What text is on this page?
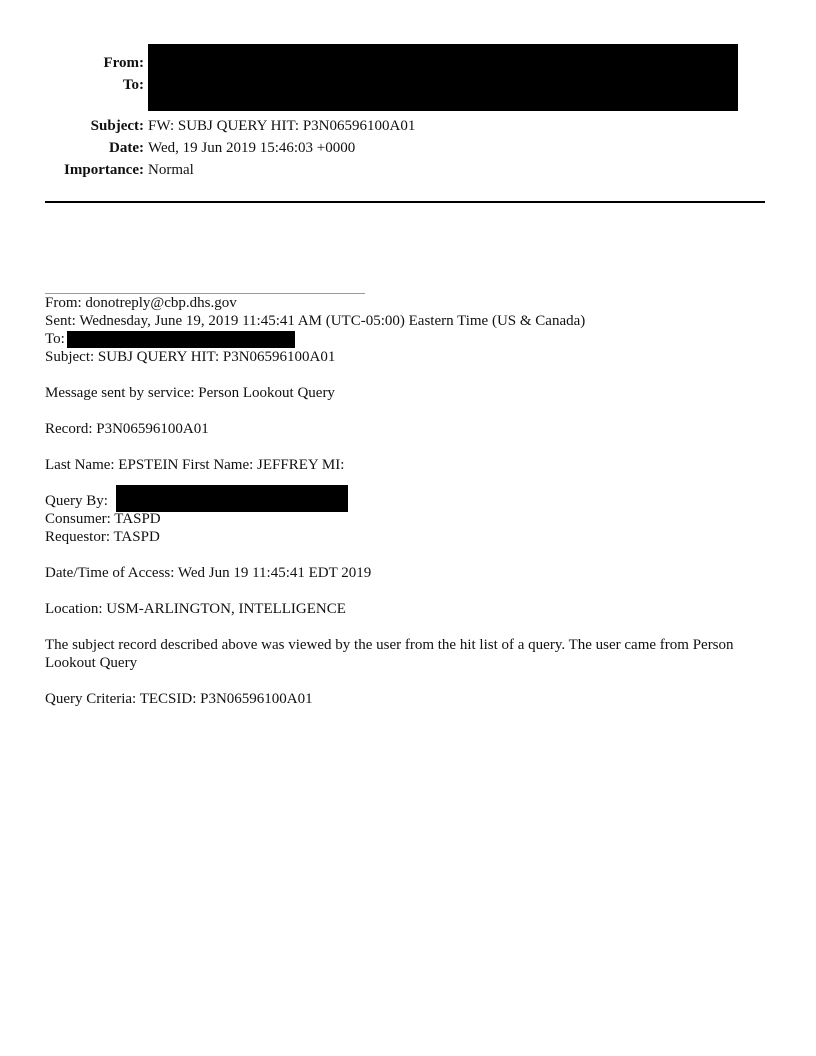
From:
To:
Subject: FW: SUBJ QUERY HIT: P3N06596100A01
Date: Wed, 19 Jun 2019 15:46:03 +0000
Importance: Normal
From: donotreply@cbp.dhs.gov
Sent: Wednesday, June 19, 2019 11:45:41 AM (UTC-05:00) Eastern Time (US & Canada)
To:
Subject: SUBJ QUERY HIT: P3N06596100A01
Message sent by service: Person Lookout Query
Record: P3N06596100A01
Last Name: EPSTEIN First Name: JEFFREY MI:
Query By:
Consumer: TASPD
Requestor: TASPD
Date/Time of Access: Wed Jun 19 11:45:41 EDT 2019
Location: USM-ARLINGTON, INTELLIGENCE
The subject record described above was viewed by the user from the hit list of a query. The user came from Person Lookout Query
Query Criteria: TECSID: P3N06596100A01
